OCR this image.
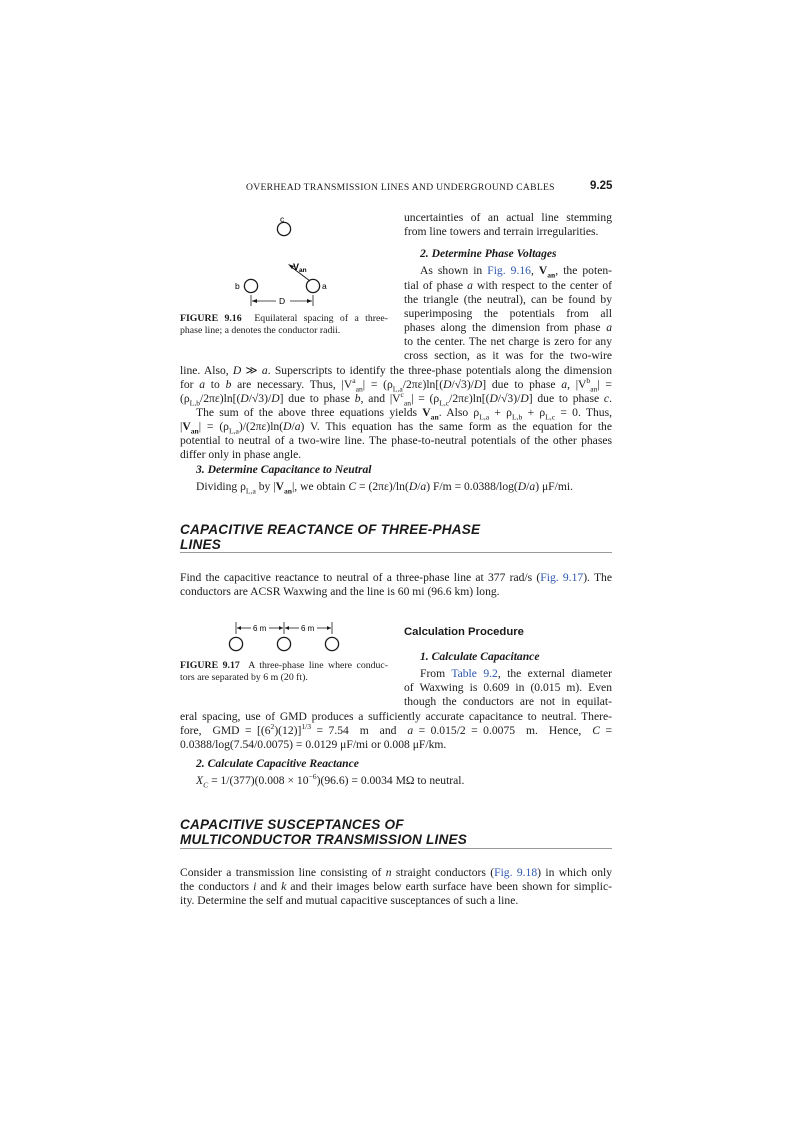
OVERHEAD TRANSMISSION LINES AND UNDERGROUND CABLES	9.25
c
b	a
$V_{an}$
D
FIGURE 9.16 Equilateral spacing of a three-
phase line; a denotes the conductor radii.
uncertainties of an actual line stemming
from line towers and terrain irregularities.
2. Determine Phase Voltages
As shown in Fig. 9.16, $V_{an}$, the poten-
tial of phase a with respect to the center of
the triangle (the neutral), can be found by
superimposing the potentials from all
phases along the dimension from phase a
to the center. The net charge is zero for any
cross section, as it was for the two-wire
line. Also, D ≫ a. Superscripts to identify the three-phase potentials along the dimension
for a to b are necessary. Thus, $|V^a_{an}| = (\rho_{L,a}/2\pi\varepsilon)\ln[(D/√3)/D]$ due to phase a, $|V^b_{an}|$ =
$(\rho_{L,b}/2\pi\varepsilon)\ln[(D/√3)/D]$ due to phase b, and $|V^c_{an}| = (\rho_{L,c}/2\pi\varepsilon)\ln[(D/√3)/D]$ due to phase c.
The sum of the above three equations yields $V_{an}$. Also $\rho_{L,a} + \rho_{L,b} + \rho_{L,c} = 0$. Thus,
$|V_{an}| = (\rho_{L,a})/(2\pi\varepsilon)\ln(D/a)$ V. This equation has the same form as the equation for the
potential to neutral of a two-wire line. The phase-to-neutral potentials of the other phases
differ only in phase angle.
3. Determine Capacitance to Neutral
Dividing $\rho_{L,a}$ by $|V_{an}|$, we obtain C = (2πε)/ln(D/a) F/m = 0.0388/log(D/a) μF/mi.
CAPACITIVE REACTANCE OF THREE-PHASE
LINES
Find the capacitive reactance to neutral of a three-phase line at 377 rad/s (Fig. 9.17). The
conductors are ACSR Waxwing and the line is 60 mi (96.6 km) long.
6 m	6 m
FIGURE 9.17 A three-phase line where conduc-
tors are separated by 6 m (20 ft).
Calculation Procedure
1. Calculate Capacitance
From Table 9.2, the external diameter
of Waxwing is 0.609 in (0.015 m). Even
though the conductors are not in equilat-
eral spacing, use of GMD produces a sufficiently accurate capacitance to neutral. There-
fore,  GMD = $[(6^2)(12)]^{1/3} = 7.54$  m  and  a = 0.015/2 = 0.0075  m.  Hence,  C =
0.0388/log(7.54/0.0075) = 0.0129 μF/mi or 0.008 μF/km.
2. Calculate Capacitive Reactance
$X_C = 1/(377)(0.008 \times 10^{-6})(96.6) = 0.0034$ MΩ to neutral.
CAPACITIVE SUSCEPTANCES OF
MULTICONDUCTOR TRANSMISSION LINES
Consider a transmission line consisting of n straight conductors (Fig. 9.18) in which only
the conductors i and k and their images below earth surface have been shown for simplic-
ity. Determine the self and mutual capacitive susceptances of such a line.
